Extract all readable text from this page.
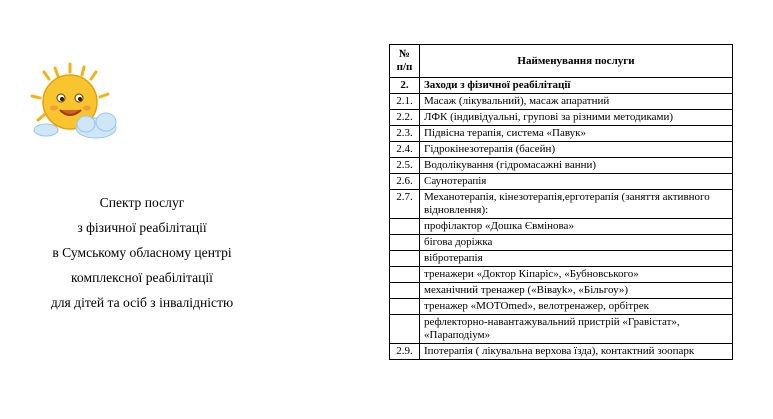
Спектр послуг
з фізичної реабілітації
в Сумському обласному центрі
комплексної реабілітації
для дітей та осіб з інвалідністю
№ п/п	Найменування послуги
2.	Заходи з фізичної реабілітації
2.1.	Масаж (лікувальний), масаж апаратний
2.2.	ЛФК (індивідуальні, групові за різними методиками)
2.3.	Підвісна терапія, система «Павук»
2.4.	Гідрокінезотерапія (басейн)
2.5.	Водолікування (гідромасажні ванни)
2.6.	Саунотерапія
2.7.	Механотерапія, кінезотерапія,ерготерапія (заняття активного відновлення):
	профілактор «Дошка Євмінова»
	бігова доріжка
	вібротерапія
	тренажери «Доктор Кіпаріс», «Бубновського»
	механічний тренажер («Вівауk», «Більгоу»)
	тренажер «МОТОmed», велотренажер, орбітрек
	рефлекторно-навантажувальний пристрій «Гравістат», «Параподіум»
2.9.	Іпотерапія ( лікувальна верхова їзда), контактний зоопарк
